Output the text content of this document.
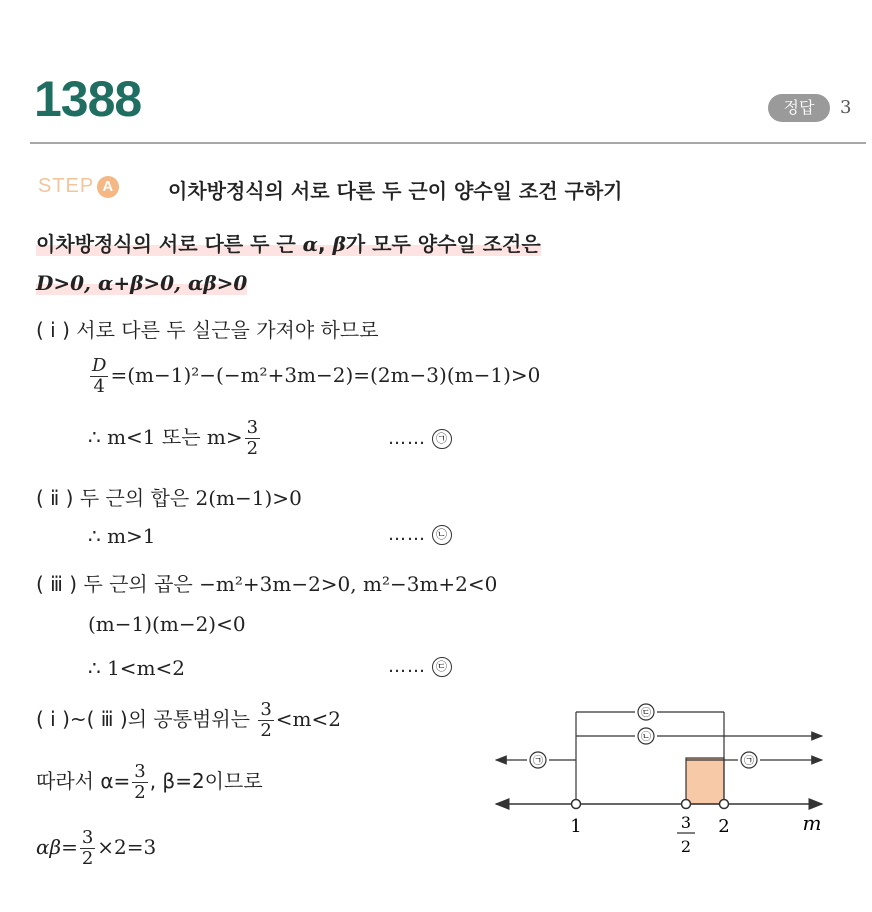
1388	정답	3
STEP A	이차방정식의 서로 다른 두 근이 양수일 조건 구하기
이차방정식의 서로 다른 두 근 α, β가 모두 양수일 조건은
D>0, α+β>0, αβ>0
( ⅰ ) 서로 다른 두 실근을 가져야 하므로
$\frac{D}{4} =(m-1)^2-(-m^2+3m-2)=(2m-3)(m-1)>0$
∴ m<1 또는 $m> \frac{3}{2}$	…… ㉠
( ⅱ ) 두 근의 합은 2(m−1)>0
∴ m>1	…… ㉡
( ⅲ ) 두 근의 곱은 −m²+3m−2>0, m²−3m+2<0
(m−1)(m−2)<0
∴ 1<m<2	…… ㉢
( ⅰ )~( ⅲ )의 공통범위는 $\frac{3}{2} <m<2$
따라서 $\alpha= \frac{3}{2}$ , β=2이므로
$\alpha\beta= \frac{3}{2} \times 2=3$
㉢
㉡
㉠	㉠
1	3
2
2	m
